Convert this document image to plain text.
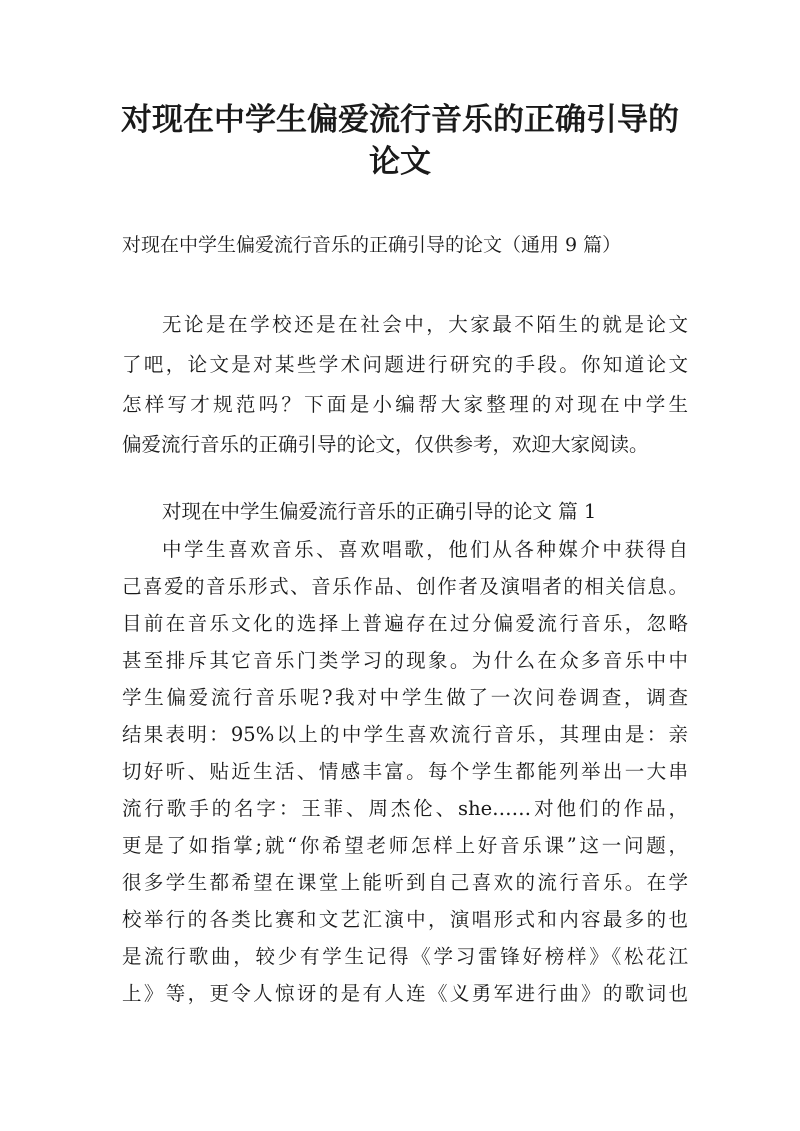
对现在中学生偏爱流行音乐的正确引导的
论文
对现在中学生偏爱流行音乐的正确引导的论文（通用 9 篇）
无论是在学校还是在社会中，大家最不陌生的就是论文
了吧，论文是对某些学术问题进行研究的手段。你知道论文
怎样写才规范吗？下面是小编帮大家整理的对现在中学生
偏爱流行音乐的正确引导的论文，仅供参考，欢迎大家阅读。
对现在中学生偏爱流行音乐的正确引导的论文 篇 1
中学生喜欢音乐、喜欢唱歌，他们从各种媒介中获得自
己喜爱的音乐形式、音乐作品、创作者及演唱者的相关信息。
目前在音乐文化的选择上普遍存在过分偏爱流行音乐，忽略
甚至排斥其它音乐门类学习的现象。为什么在众多音乐中中
学生偏爱流行音乐呢?我对中学生做了一次问卷调查，调查
结果表明：95%以上的中学生喜欢流行音乐，其理由是：亲
切好听、贴近生活、情感丰富。每个学生都能列举出一大串
流行歌手的名字：王菲、周杰伦、she……对他们的作品，
更是了如指掌;就“你希望老师怎样上好音乐课”这一问题，
很多学生都希望在课堂上能听到自己喜欢的流行音乐。在学
校举行的各类比赛和文艺汇演中，演唱形式和内容最多的也
是流行歌曲，较少有学生记得《学习雷锋好榜样》《松花江
上》等，更令人惊讶的是有人连《义勇军进行曲》的歌词也
